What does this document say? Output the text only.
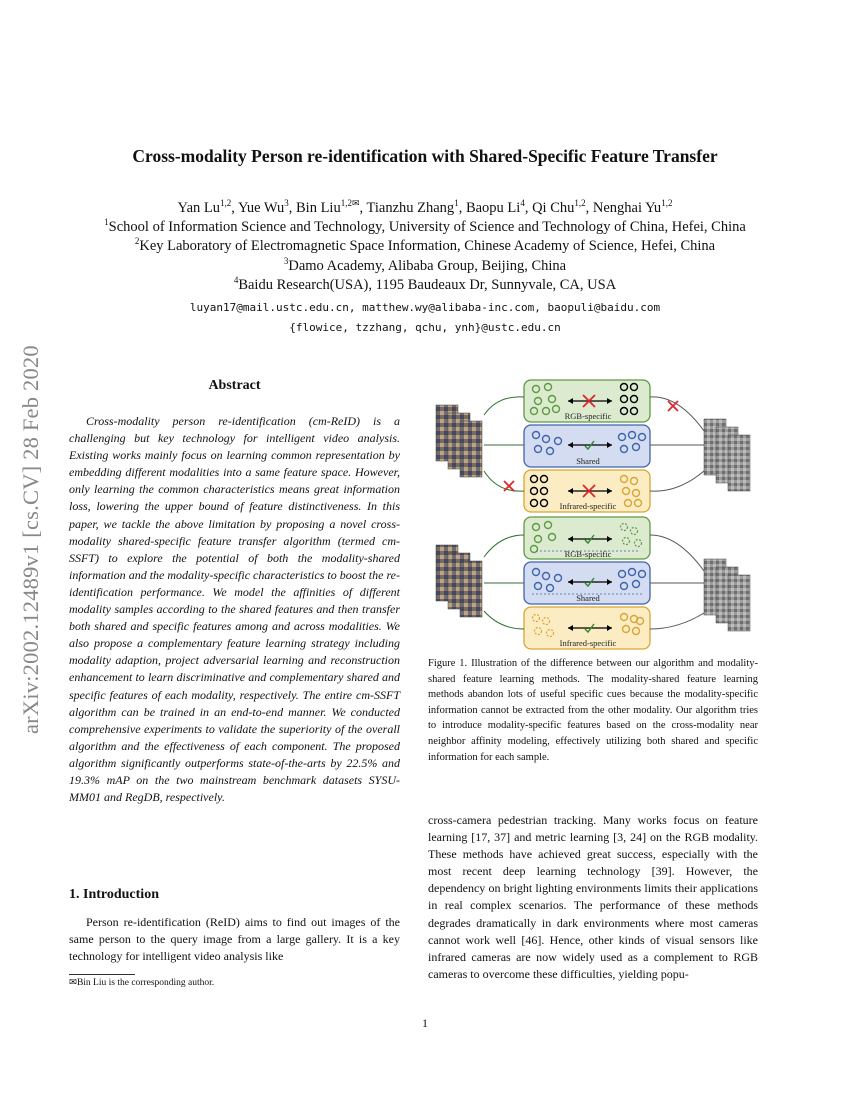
arXiv:2002.12489v1 [cs.CV] 28 Feb 2020
Cross-modality Person re-identification with Shared-Specific Feature Transfer
Yan Lu$^{1,2}$, Yue Wu$^3$, Bin Liu$^{1,2✉}$, Tianzhu Zhang$^1$, Baopu Li$^4$, Qi Chu$^{1,2}$, Nenghai Yu$^{1,2}$
$^1$School of Information Science and Technology, University of Science and Technology of China, Hefei, China
$^2$Key Laboratory of Electromagnetic Space Information, Chinese Academy of Science, Hefei, China
$^3$Damo Academy, Alibaba Group, Beijing, China
$^4$Baidu Research(USA), 1195 Baudeaux Dr, Sunnyvale, CA, USA
luyan17@mail.ustc.edu.cn, matthew.wy@alibaba-inc.com, baopuli@baidu.com
{flowice, tzzhang, qchu, ynh}@ustc.edu.cn
Abstract

Cross-modality person re-identification (cm-ReID) is a challenging but key technology for intelligent video analysis. Existing works mainly focus on learning common representation by embedding different modalities into a same feature space. However, only learning the common characteristics means great information loss, lowering the upper bound of feature distinctiveness. In this paper, we tackle the above limitation by proposing a novel cross-modality shared-specific feature transfer algorithm (termed cm-SSFT) to explore the potential of both the modality-shared information and the modality-specific characteristics to boost the re-identification performance. We model the affinities of different modality samples according to the shared features and then transfer both shared and specific features among and across modalities. We also propose a complementary feature learning strategy including modality adaption, project adversarial learning and reconstruction enhancement to learn discriminative and complementary shared and specific features of each modality, respectively. The entire cm-SSFT algorithm can be trained in an end-to-end manner. We conducted comprehensive experiments to validate the superiority of the overall algorithm and the effectiveness of each component. The proposed algorithm significantly outperforms state-of-the-arts by 22.5% and 19.3% mAP on the two mainstream benchmark datasets SYSU-MM01 and RegDB, respectively.

1. Introduction

Person re-identification (ReID) aims to find out images of the same person to the query image from a large gallery. It is a key technology for intelligent video analysis like

✉Bin Liu is the corresponding author.
RGB-specific
Shared
Infrared-specific
RGB-specific
Shared
Infrared-specific

Figure 1. Illustration of the difference between our algorithm and modality-shared feature learning methods. The modality-shared feature learning methods abandon lots of useful specific cues because the modality-specific information cannot be extracted from the other modality. Our algorithm tries to introduce modality-specific features based on the cross-modality near neighbor affinity modeling, effectively utilizing both shared and specific information for each sample.

cross-camera pedestrian tracking. Many works focus on feature learning [17, 37] and metric learning [3, 24] on the RGB modality. These methods have achieved great success, especially with the most recent deep learning technology [39]. However, the dependency on bright lighting environments limits their applications in real complex scenarios. The performance of these methods degrades dramatically in dark environments where most cameras cannot work well [46]. Hence, other kinds of visual sensors like infrared cameras are now widely used as a complement to RGB cameras to overcome these difficulties, yielding popu-

1
